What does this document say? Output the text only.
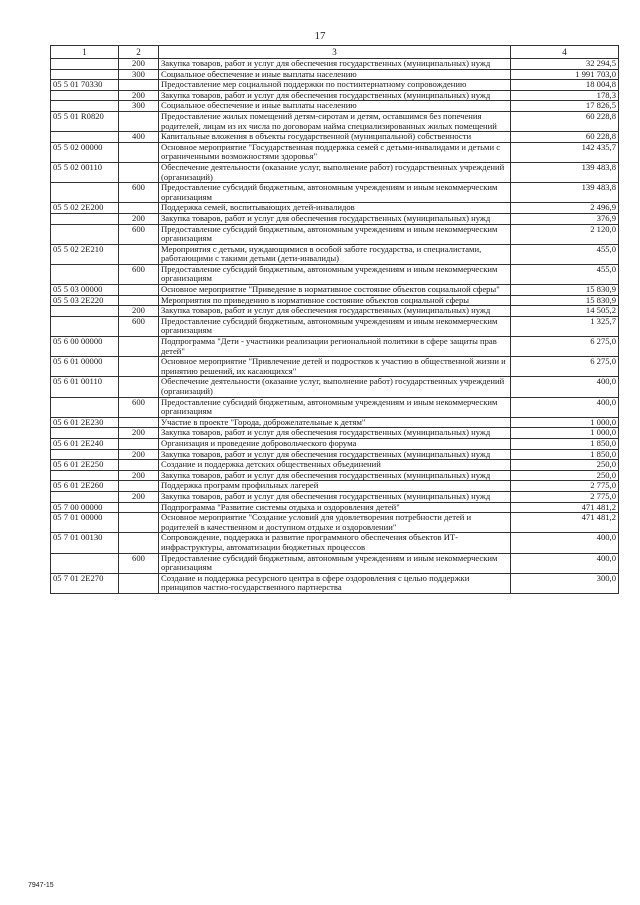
17
1	2	3	4
	200	Закупка товаров, работ и услуг для обеспечения государственных (муниципальных) нужд	32 294,5
	300	Социальное обеспечение и иные выплаты населению	1 991 703,0
05 5 01 70330		Предоставление мер социальной поддержки по постинтернатному сопровождению	18 004,8
	200	Закупка товаров, работ и услуг для обеспечения государственных (муниципальных) нужд	178,3
	300	Социальное обеспечение и иные выплаты населению	17 826,5
05 5 01 R0820		Предоставление жилых помещений детям-сиротам и детям, оставшимся без попечения родителей, лицам из их числа по договорам найма специализированных жилых помещений	60 228,8
	400	Капитальные вложения в объекты государственной (муниципальной) собственности	60 228,8
05 5 02 00000		Основное мероприятие "Государственная поддержка семей с детьми-инвалидами и детьми с ограниченными возможностями здоровья"	142 435,7
05 5 02 00110		Обеспечение деятельности (оказание услуг, выполнение работ) государственных учреждений (организаций)	139 483,8
	600	Предоставление субсидий бюджетным, автономным учреждениям и иным некоммерческим организациям	139 483,8
05 5 02 2E200		Поддержка семей, воспитывающих детей-инвалидов	2 496,9
	200	Закупка товаров, работ и услуг для обеспечения государственных (муниципальных) нужд	376,9
	600	Предоставление субсидий бюджетным, автономным учреждениям и иным некоммерческим организациям	2 120,0
05 5 02 2E210		Мероприятия с детьми, нуждающимися в особой заботе государства, и специалистами, работающими с такими детьми (дети-инвалиды)	455,0
	600	Предоставление субсидий бюджетным, автономным учреждениям и иным некоммерческим организациям	455,0
05 5 03 00000		Основное мероприятие "Приведение в нормативное состояние объектов социальной сферы"	15 830,9
05 5 03 2E220		Мероприятия по приведению в нормативное состояние объектов социальной сферы	15 830,9
	200	Закупка товаров, работ и услуг для обеспечения государственных (муниципальных) нужд	14 505,2
	600	Предоставление субсидий бюджетным, автономным учреждениям и иным некоммерческим организациям	1 325,7
05 6 00 00000		Подпрограмма "Дети - участники реализации региональной политики в сфере защиты прав детей"	6 275,0
05 6 01 00000		Основное мероприятие "Привлечение детей и подростков к участию в общественной жизни и принятию решений, их касающихся"	6 275,0
05 6 01 00110		Обеспечение деятельности (оказание услуг, выполнение работ) государственных учреждений (организаций)	400,0
	600	Предоставление субсидий бюджетным, автономным учреждениям и иным некоммерческим организациям	400,0
05 6 01 2E230		Участие в проекте "Города, доброжелательные к детям"	1 000,0
	200	Закупка товаров, работ и услуг для обеспечения государственных (муниципальных) нужд	1 000,0
05 6 01 2E240		Организация и проведение добровольческого форума	1 850,0
	200	Закупка товаров, работ и услуг для обеспечения государственных (муниципальных) нужд	1 850,0
05 6 01 2E250		Создание и поддержка детских общественных объединений	250,0
	200	Закупка товаров, работ и услуг для обеспечения государственных (муниципальных) нужд	250,0
05 6 01 2E260		Поддержка программ профильных лагерей	2 775,0
	200	Закупка товаров, работ и услуг для обеспечения государственных (муниципальных) нужд	2 775,0
05 7 00 00000		Подпрограмма "Развитие системы отдыха и оздоровления детей"	471 481,2
05 7 01 00000		Основное мероприятие "Создание условий для удовлетворения потребности детей и родителей в качественном и доступном отдыхе и оздоровлении"	471 481,2
05 7 01 00130		Сопровождение, поддержка и развитие программного обеспечения объектов ИТ-инфраструктуры, автоматизации бюджетных процессов	400,0
	600	Предоставление субсидий бюджетным, автономным учреждениям и иным некоммерческим организациям	400,0
05 7 01 2E270		Создание и поддержка ресурсного центра в сфере оздоровления с целью поддержки принципов частно-государственного партнерства	300,0
7947-15
